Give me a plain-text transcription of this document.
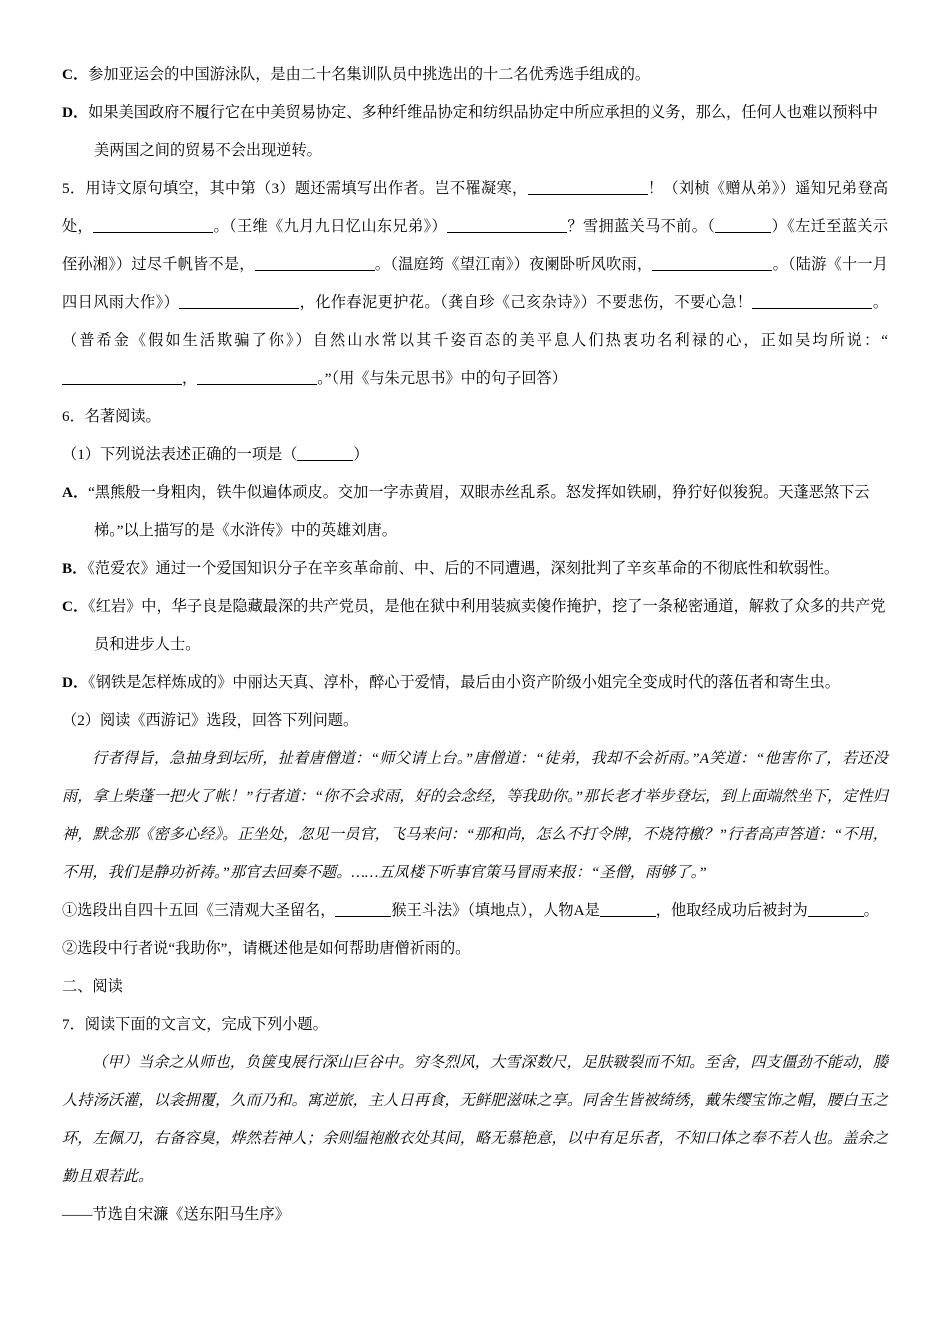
C．参加亚运会的中国游泳队，是由二十名集训队员中挑选出的十二名优秀选手组成的。
D．如果美国政府不履行它在中美贸易协定、多种纤维品协定和纺织品协定中所应承担的义务，那么，任何人也难以预料中美两国之间的贸易不会出现逆转。
5．用诗文原句填空，其中第（3）题还需填写出作者。岂不罹凝寒，	！（刘桢《赠从弟》）遥知兄弟登高处，	。（王维《九月九日忆山东兄弟》）	？雪拥蓝关马不前。（	）《左迁至蓝关示侄孙湘》）过尽千帆皆不是，	。（温庭筠《望江南》）夜阑卧听风吹雨，	。（陆游《十一月四日风雨大作》）	，化作春泥更护花。（龚自珍《己亥杂诗》）不要悲伤，不要心急！	。（普希金《假如生活欺骗了你》）自然山水常以其千姿百态的美平息人们热衷功名利禄的心，正如吴均所说：“，	。”（用《与朱元思书》中的句子回答）
6．名著阅读。
（1）下列说法表述正确的一项是（	）
A．“黑熊般一身粗肉，铁牛似遍体顽皮。交加一字赤黄眉，双眼赤丝乱系。怒发挥如铁刷，狰狞好似狻猊。天蓬恶煞下云梯。”以上描写的是《水浒传》中的英雄刘唐。
B．《范爱农》通过一个爱国知识分子在辛亥革命前、中、后的不同遭遇，深刻批判了辛亥革命的不彻底性和软弱性。
C．《红岩》中，华子良是隐藏最深的共产党员，是他在狱中利用装疯卖傻作掩护，挖了一条秘密通道，解救了众多的共产党员和进步人士。
D．《钢铁是怎样炼成的》中丽达天真、淳朴，醉心于爱情，最后由小资产阶级小姐完全变成时代的落伍者和寄生虫。
（2）阅读《西游记》选段，回答下列问题。
行者得旨，急抽身到坛所，扯着唐僧道：“师父请上台。”唐僧道：“徒弟，我却不会祈雨。”A笑道：“他害你了，若还没雨，拿上柴蓬一把火了帐！”行者道：“你不会求雨，好的会念经，等我助你。”那长老才举步登坛，到上面端然坐下，定性归神，默念那《密多心经》。正坐处，忽见一员官，飞马来问：“那和尚，怎么不打令牌，不烧符檄？”行者高声答道：“不用，不用，我们是静功祈祷。”那官去回奏不题。……五凤楼下听事官策马冒雨来报：“圣僧，雨够了。”
①选段出自四十五回《三清观大圣留名，	猴王斗法》（填地点），人物A是	，他取经成功后被封为	。
②选段中行者说“我助你”，请概述他是如何帮助唐僧祈雨的。
二、阅读
7．阅读下面的文言文，完成下列小题。
（甲）当余之从师也，负箧曳展行深山巨谷中。穷冬烈风，大雪深数尺，足肤皲裂而不知。至舍，四支僵劲不能动，媵人持汤沃灌，以衾拥覆，久而乃和。寓逆旅，主人日再食，无鲜肥滋味之享。同舍生皆被绮绣，戴朱缨宝饰之帽，腰白玉之环，左佩刀，右备容臭，烨然若神人；余则缊袍敝衣处其间，略无慕艳意，以中有足乐者，不知口体之奉不若人也。盖余之勤且艰若此。
——节选自宋濂《送东阳马生序》
